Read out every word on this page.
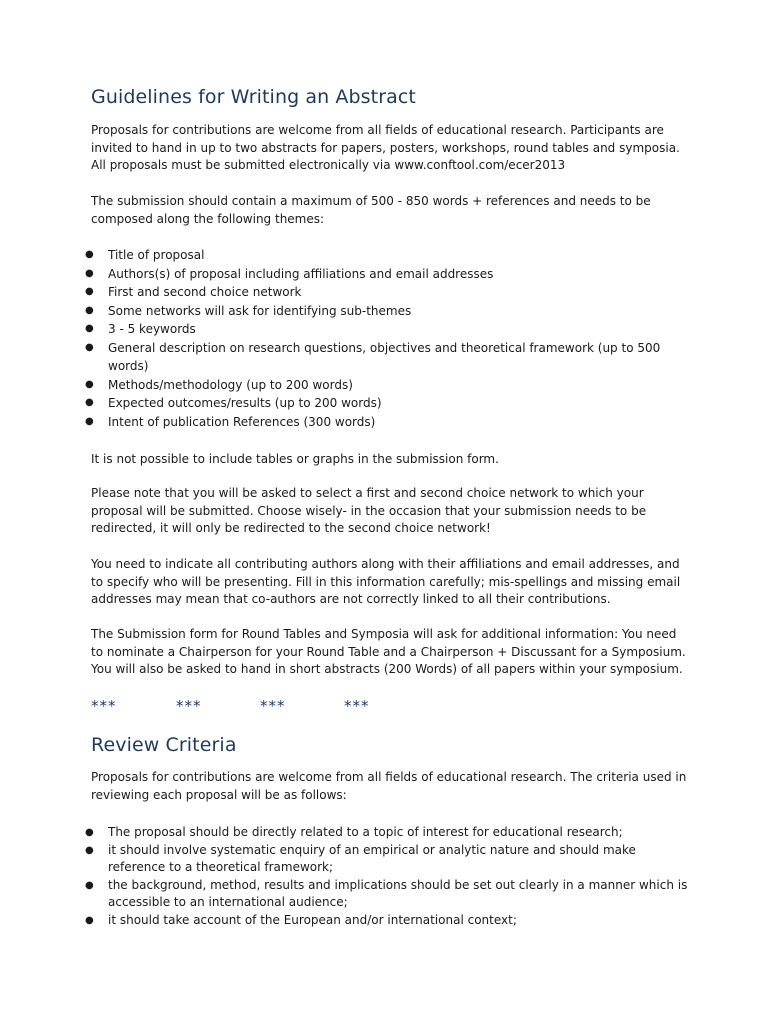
Guidelines for Writing an Abstract

Proposals for contributions are welcome from all fields of educational research. Participants are invited to hand in up to two abstracts for papers, posters, workshops, round tables and symposia. All proposals must be submitted electronically via www.conftool.com/ecer2013

The submission should contain a maximum of 500 - 850 words + references and needs to be composed along the following themes:

● Title of proposal
● Authors(s) of proposal including affiliations and email addresses
● First and second choice network
● Some networks will ask for identifying sub-themes
● 3 - 5 keywords
● General description on research questions, objectives and theoretical framework (up to 500 words)
● Methods/methodology (up to 200 words)
● Expected outcomes/results (up to 200 words)
● Intent of publication References (300 words)

It is not possible to include tables or graphs in the submission form.

Please note that you will be asked to select a first and second choice network to which your proposal will be submitted. Choose wisely- in the occasion that your submission needs to be redirected, it will only be redirected to the second choice network!

You need to indicate all contributing authors along with their affiliations and email addresses, and to specify who will be presenting. Fill in this information carefully; mis-spellings and missing email addresses may mean that co-authors are not correctly linked to all their contributions.

The Submission form for Round Tables and Symposia will ask for additional information: You need to nominate a Chairperson for your Round Table and a Chairperson + Discussant for a Symposium. You will also be asked to hand in short abstracts (200 Words) of all papers within your symposium.

***	***	***	***
Review Criteria

Proposals for contributions are welcome from all fields of educational research. The criteria used in reviewing each proposal will be as follows:

● The proposal should be directly related to a topic of interest for educational research;
● it should involve systematic enquiry of an empirical or analytic nature and should make reference to a theoretical framework;
● the background, method, results and implications should be set out clearly in a manner which is accessible to an international audience;
● it should take account of the European and/or international context;
